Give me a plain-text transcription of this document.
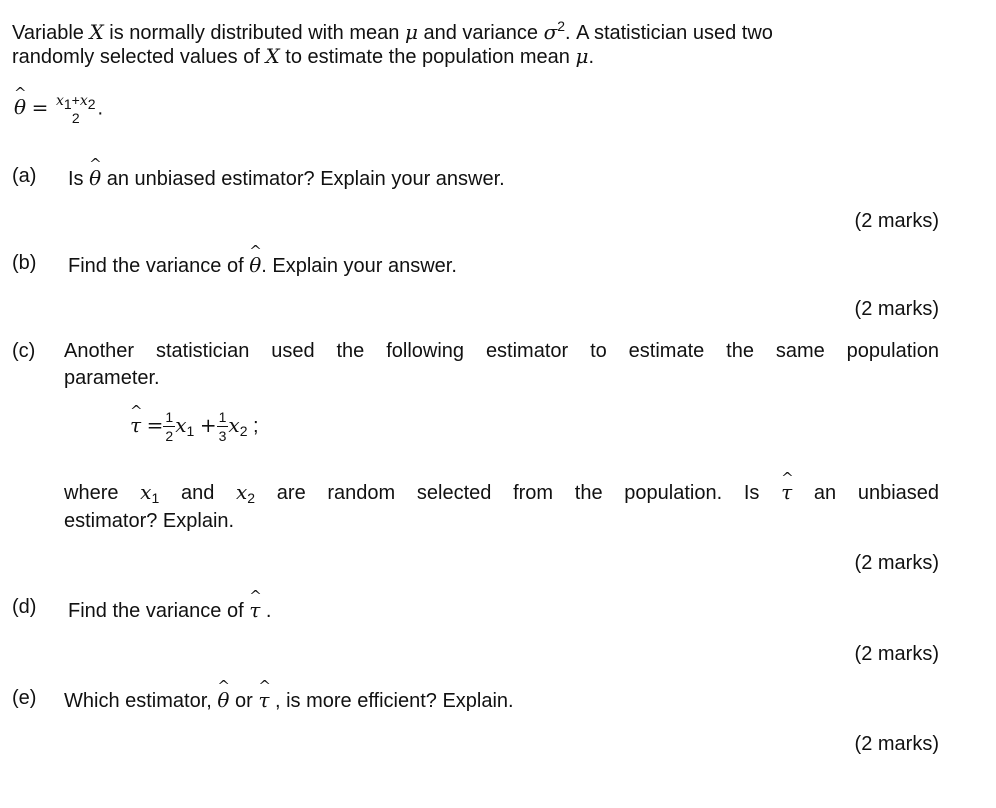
Variable X is normally distributed with mean μ and variance $\sigma^2$. A statistician used two
randomly selected values of X to estimate the population mean μ.
^ θ = x1+x2
2 .
(a) Is ^ θ an unbiased estimator? Explain your answer.
(2 marks)
(b) Find the variance of ^ θ. Explain your answer.
(2 marks)
(c) Another statistician used the following estimator to estimate the same population
parameter.
^ $\tau = \frac{1}{2} x_1 + \frac{1}{3} x_2$ ;
where $x_1$ and $x_2$ are random selected from the population. Is ^ τ an unbiased
estimator? Explain.
(2 marks)
(d) Find the variance of ^ τ .
(2 marks)
(e) Which estimator, ^ θ or ^ τ , is more efficient? Explain.
(2 marks)
